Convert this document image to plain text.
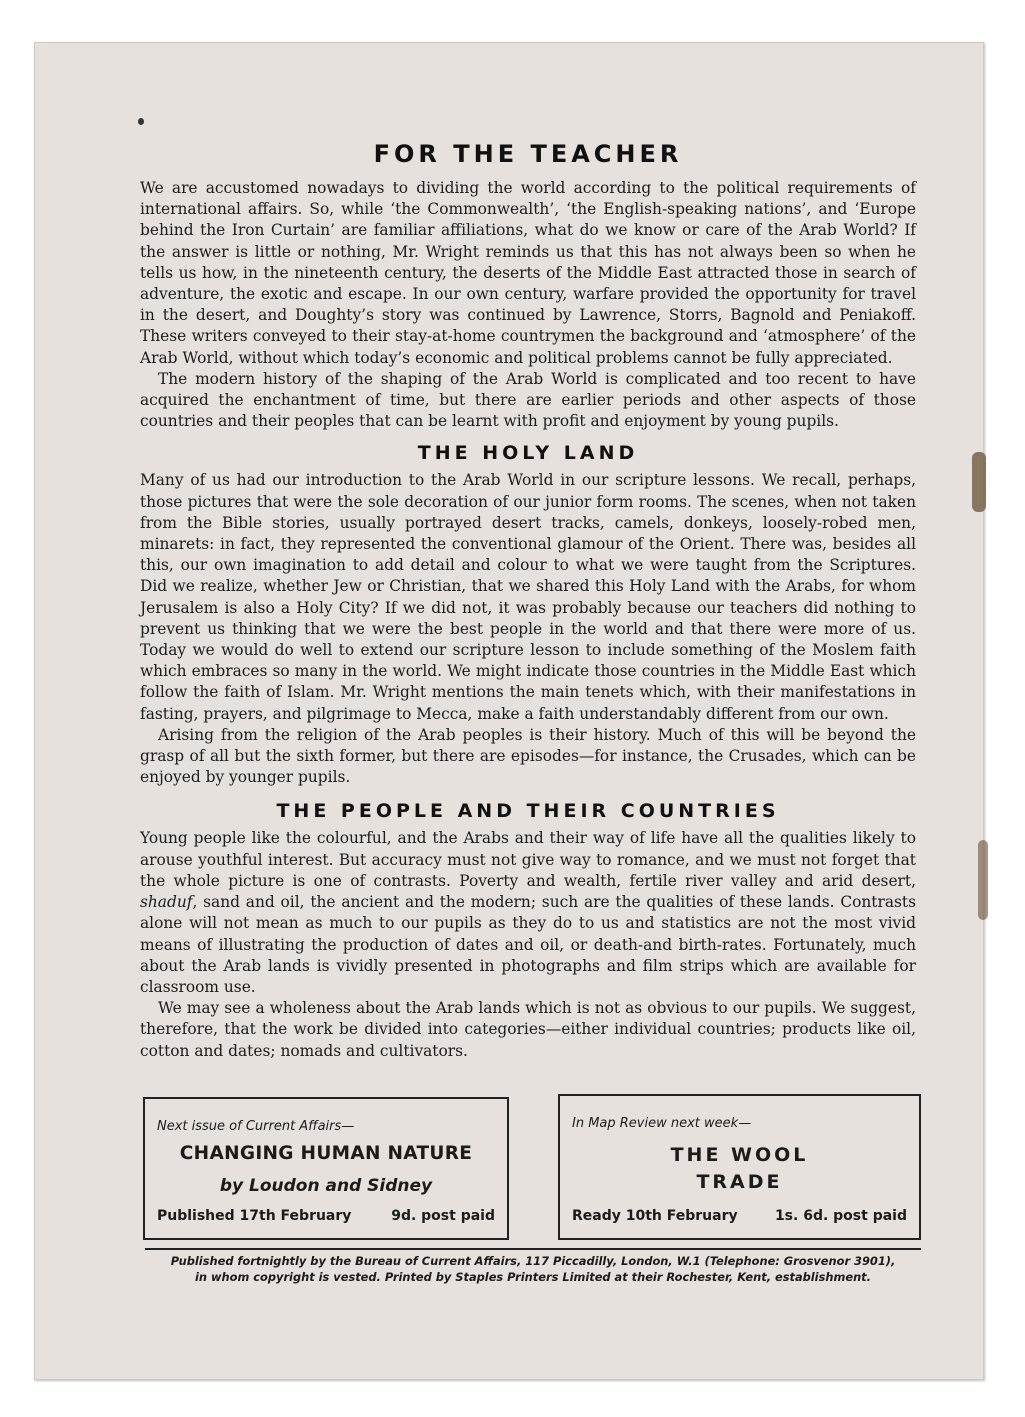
FOR THE TEACHER

We are accustomed nowadays to dividing the world according to the political requirements of international affairs. So, while ‘the Commonwealth’, ‘the English-speaking nations’, and ‘Europe behind the Iron Curtain’ are familiar affiliations, what do we know or care of the Arab World? If the answer is little or nothing, Mr. Wright reminds us that this has not always been so when he tells us how, in the nineteenth century, the deserts of the Middle East attracted those in search of adventure, the exotic and escape. In our own century, warfare provided the opportunity for travel in the desert, and Doughty’s story was continued by Lawrence, Storrs, Bagnold and Peniakoff. These writers conveyed to their stay-at-home countrymen the background and ‘atmosphere’ of the Arab World, without which today’s economic and political problems cannot be fully appreciated.

The modern history of the shaping of the Arab World is complicated and too recent to have acquired the enchantment of time, but there are earlier periods and other aspects of those countries and their peoples that can be learnt with profit and enjoyment by young pupils.

THE HOLY LAND

Many of us had our introduction to the Arab World in our scripture lessons. We recall, perhaps, those pictures that were the sole decoration of our junior form rooms. The scenes, when not taken from the Bible stories, usually portrayed desert tracks, camels, donkeys, loosely-robed men, minarets: in fact, they represented the conventional glamour of the Orient. There was, besides all this, our own imagination to add detail and colour to what we were taught from the Scriptures. Did we realize, whether Jew or Christian, that we shared this Holy Land with the Arabs, for whom Jerusalem is also a Holy City? If we did not, it was probably because our teachers did nothing to prevent us thinking that we were the best people in the world and that there were more of us. Today we would do well to extend our scripture lesson to include something of the Moslem faith which embraces so many in the world. We might indicate those countries in the Middle East which follow the faith of Islam. Mr. Wright mentions the main tenets which, with their manifestations in fasting, prayers, and pilgrimage to Mecca, make a faith understandably different from our own.

Arising from the religion of the Arab peoples is their history. Much of this will be beyond the grasp of all but the sixth former, but there are episodes—for instance, the Crusades, which can be enjoyed by younger pupils.

THE PEOPLE AND THEIR COUNTRIES

Young people like the colourful, and the Arabs and their way of life have all the qualities likely to arouse youthful interest. But accuracy must not give way to romance, and we must not forget that the whole picture is one of contrasts. Poverty and wealth, fertile river valley and arid desert, shaduf, sand and oil, the ancient and the modern; such are the qualities of these lands. Contrasts alone will not mean as much to our pupils as they do to us and statistics are not the most vivid means of illustrating the production of dates and oil, or death-and birth-rates. Fortunately, much about the Arab lands is vividly presented in photographs and film strips which are available for classroom use.

We may see a wholeness about the Arab lands which is not as obvious to our pupils. We suggest, therefore, that the work be divided into categories—either individual countries; products like oil, cotton and dates; nomads and cultivators.

Next issue of Current Affairs—
CHANGING HUMAN NATURE
by Loudon and Sidney
Published 17th February	9d. post paid
In Map Review next week—
THE WOOL
TRADE
Ready 10th February	1s. 6d. post paid
Published fortnightly by the Bureau of Current Affairs, 117 Piccadilly, London, W.1 (Telephone: Grosvenor 3901),
in whom copyright is vested. Printed by Staples Printers Limited at their Rochester, Kent, establishment.
